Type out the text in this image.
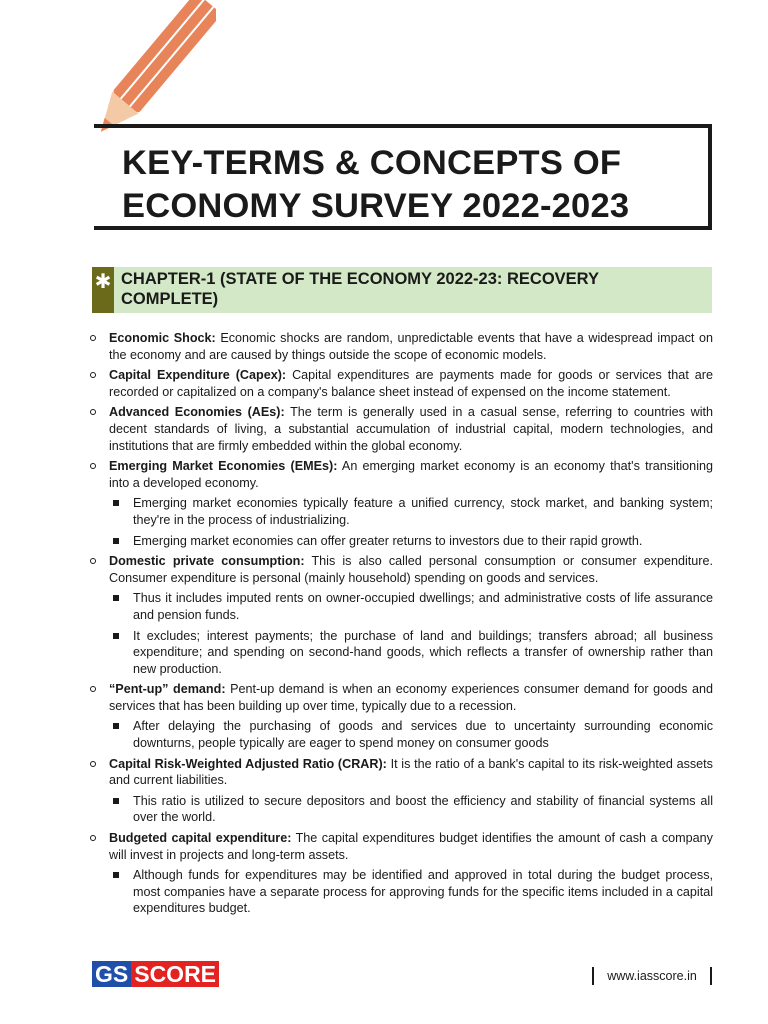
KEY-TERMS & CONCEPTS OF
ECONOMY SURVEY 2022-2023
✱ CHAPTER-1 (STATE OF THE ECONOMY 2022-23: RECOVERY COMPLETE)
Economic Shock: Economic shocks are random, unpredictable events that have a widespread impact on the economy and are caused by things outside the scope of economic models.
Capital Expenditure (Capex): Capital expenditures are payments made for goods or services that are recorded or capitalized on a company's balance sheet instead of expensed on the income statement.
Advanced Economies (AEs): The term is generally used in a casual sense, referring to countries with decent standards of living, a substantial accumulation of industrial capital, modern technologies, and institutions that are firmly embedded within the global economy.
Emerging Market Economies (EMEs): An emerging market economy is an economy that's transitioning into a developed economy.
Emerging market economies typically feature a unified currency, stock market, and banking system; they're in the process of industrializing.
Emerging market economies can offer greater returns to investors due to their rapid growth.
Domestic private consumption: This is also called personal consumption or consumer expenditure. Consumer expenditure is personal (mainly household) spending on goods and services.
Thus it includes imputed rents on owner-occupied dwellings; and administrative costs of life assurance and pension funds.
It excludes; interest payments; the purchase of land and buildings; transfers abroad; all business expenditure; and spending on second-hand goods, which reflects a transfer of ownership rather than new production.
“Pent-up” demand: Pent-up demand is when an economy experiences consumer demand for goods and services that has been building up over time, typically due to a recession.
After delaying the purchasing of goods and services due to uncertainty surrounding economic downturns, people typically are eager to spend money on consumer goods
Capital Risk-Weighted Adjusted Ratio (CRAR): It is the ratio of a bank's capital to its risk-weighted assets and current liabilities.
This ratio is utilized to secure depositors and boost the efficiency and stability of financial systems all over the world.
Budgeted capital expenditure: The capital expenditures budget identifies the amount of cash a company will invest in projects and long-term assets.
Although funds for expenditures may be identified and approved in total during the budget process, most companies have a separate process for approving funds for the specific items included in a capital expenditures budget.
GS SCORE	www.iasscore.in
